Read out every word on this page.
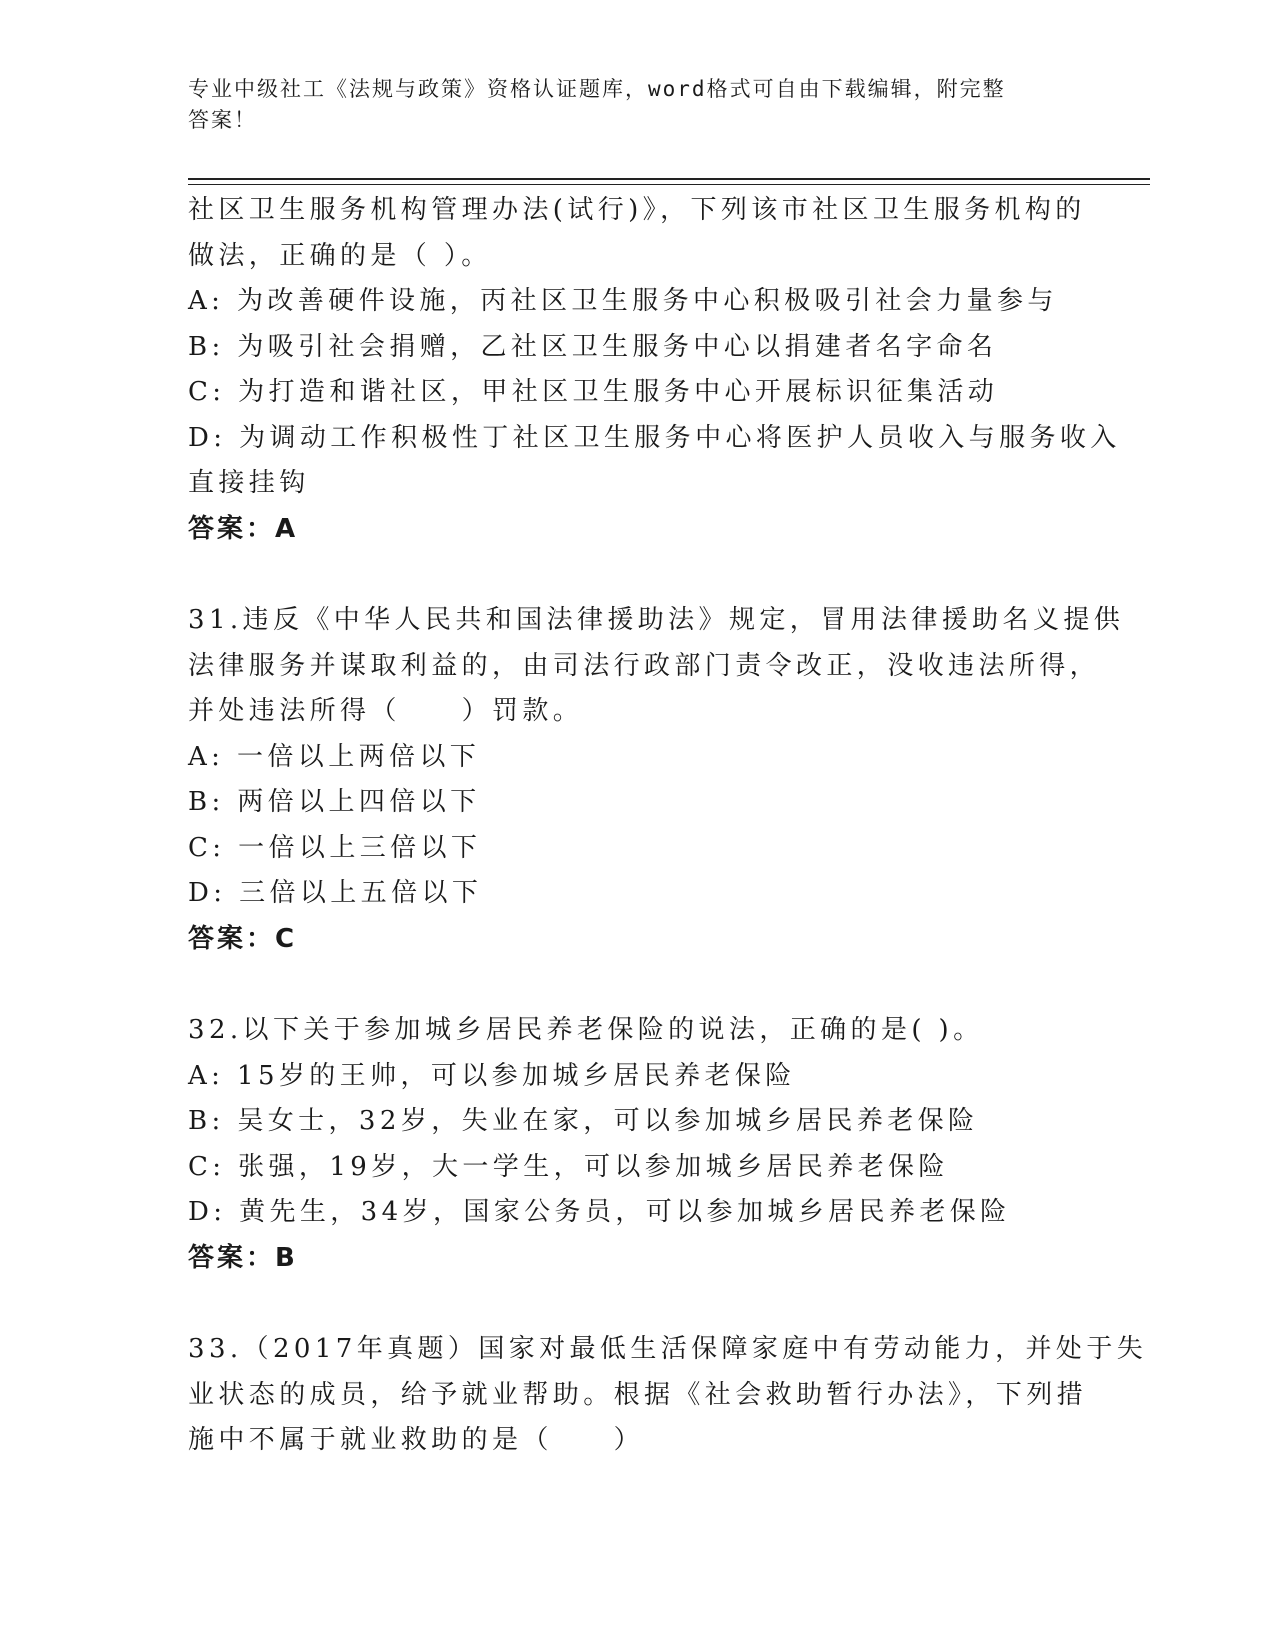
专业中级社工《法规与政策》资格认证题库，word格式可自由下载编辑，附完整
答案！
社区卫生服务机构管理办法(试行)》，下列该市社区卫生服务机构的
做法，正确的是（ ）。
A: 为改善硬件设施，丙社区卫生服务中心积极吸引社会力量参与
B: 为吸引社会捐赠，乙社区卫生服务中心以捐建者名字命名
C: 为打造和谐社区，甲社区卫生服务中心开展标识征集活动
D: 为调动工作积极性丁社区卫生服务中心将医护人员收入与服务收入
直接挂钩
答案：A
31.违反《中华人民共和国法律援助法》规定，冒用法律援助名义提供
法律服务并谋取利益的，由司法行政部门责令改正，没收违法所得，
并处违法所得（　　）罚款。
A: 一倍以上两倍以下
B: 两倍以上四倍以下
C: 一倍以上三倍以下
D: 三倍以上五倍以下
答案：C
32.以下关于参加城乡居民养老保险的说法，正确的是( )。
A: 15岁的王帅，可以参加城乡居民养老保险
B: 吴女士，32岁，失业在家，可以参加城乡居民养老保险
C: 张强，19岁，大一学生，可以参加城乡居民养老保险
D: 黄先生，34岁，国家公务员，可以参加城乡居民养老保险
答案：B
33.（2017年真题）国家对最低生活保障家庭中有劳动能力，并处于失
业状态的成员，给予就业帮助。根据《社会救助暂行办法》，下列措
施中不属于就业救助的是（　　）
